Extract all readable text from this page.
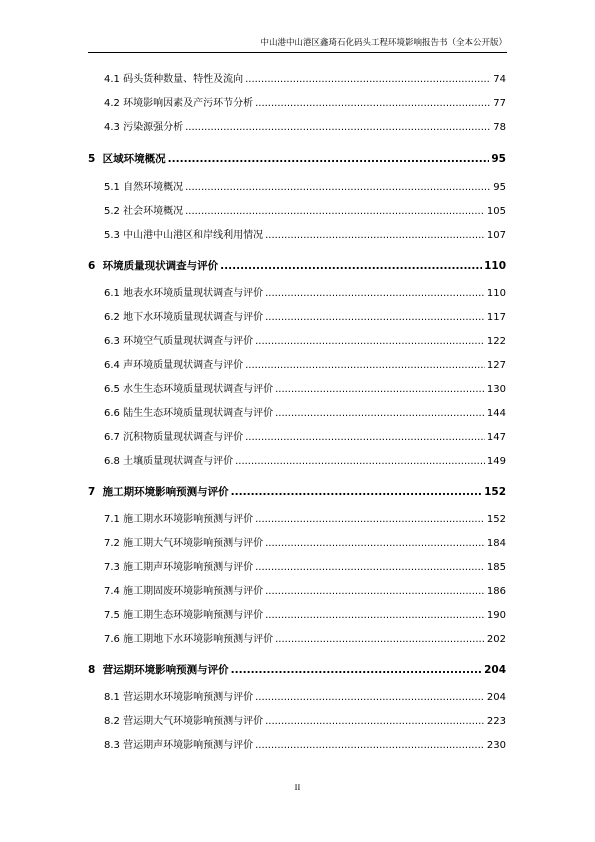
中山港中山港区鑫琦石化码头工程环境影响报告书（全本公开版）
4.1 码头货种数量、特性及流向 .....	74
4.2 环境影响因素及产污环节分析 .....	77
4.3 污染源强分析 .....	78
5 区域环境概况 .....	95
5.1 自然环境概况 .....	95
5.2 社会环境概况 .....	105
5.3 中山港中山港区和岸线利用情况 .....	107
6 环境质量现状调查与评价 .....	110
6.1 地表水环境质量现状调查与评价 .....	110
6.2 地下水环境质量现状调查与评价 .....	117
6.3 环境空气质量现状调查与评价 .....	122
6.4 声环境质量现状调查与评价 .....	127
6.5 水生生态环境质量现状调查与评价 .....	130
6.6 陆生生态环境质量现状调查与评价 .....	144
6.7 沉积物质量现状调查与评价 .....	147
6.8 土壤质量现状调查与评价 .....	149
7 施工期环境影响预测与评价 .....	152
7.1 施工期水环境影响预测与评价 .....	152
7.2 施工期大气环境影响预测与评价 .....	184
7.3 施工期声环境影响预测与评价 .....	185
7.4 施工期固废环境影响预测与评价 .....	186
7.5 施工期生态环境影响预测与评价 .....	190
7.6 施工期地下水环境影响预测与评价 .....	202
8 营运期环境影响预测与评价 .....	204
8.1 营运期水环境影响预测与评价 .....	204
8.2 营运期大气环境影响预测与评价 .....	223
8.3 营运期声环境影响预测与评价 .....	230
II
